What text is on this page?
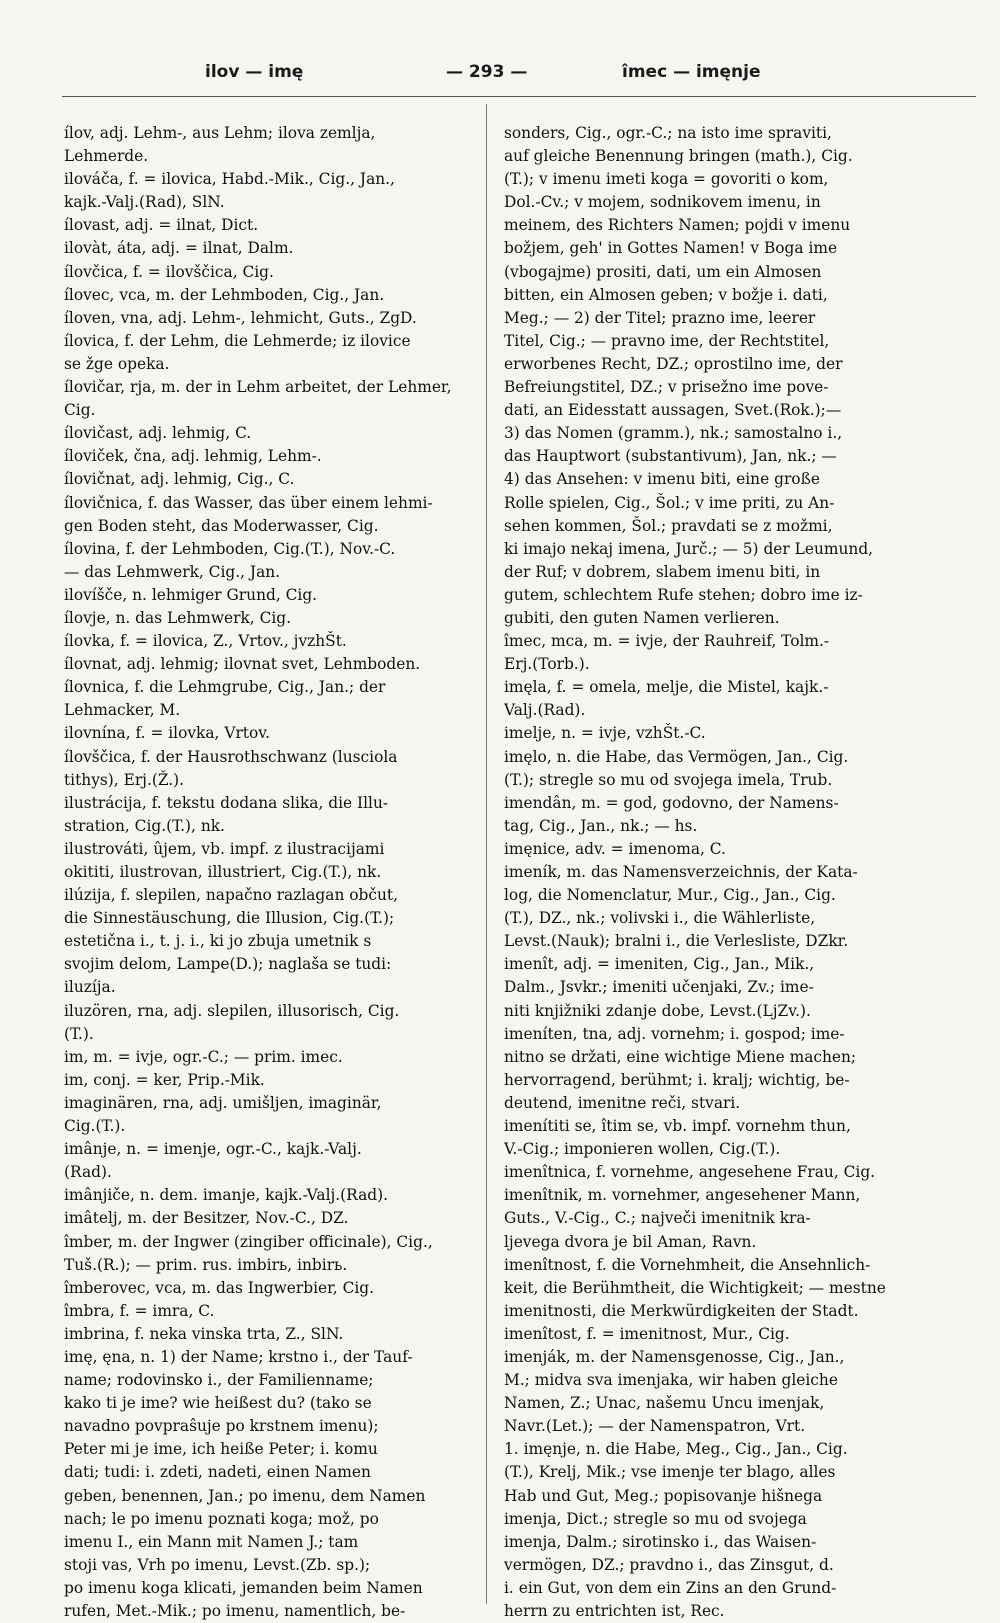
ilov — imę	— 293 —	îmec — imęnje

ílov, adj. Lehm-, aus Lehm; ilova zemlja,

Lehmerde.

ilováča, f. = ilovica, Habd.-Mik., Cig., Jan.,

kajk.-Valj.(Rad), SlN.

ílovast, adj. = ilnat, Dict.

ilovàt, áta, adj. = ilnat, Dalm.

ílovčica, f. = ilovščica, Cig.

ílovec, vca, m. der Lehmboden, Cig., Jan.

íloven, vna, adj. Lehm-, lehmicht, Guts., ZgD.

ílovica, f. der Lehm, die Lehmerde; iz ilovice

se žge opeka.

ílovičar, rja, m. der in Lehm arbeitet, der Lehmer,

Cig.

ílovičast, adj. lehmig, C.

íloviček, čna, adj. lehmig, Lehm-.

ílovičnat, adj. lehmig, Cig., C.

ílovičnica, f. das Wasser, das über einem lehmi-

gen Boden steht, das Moderwasser, Cig.

ílovina, f. der Lehmboden, Cig.(T.), Nov.-C.

— das Lehmwerk, Cig., Jan.

ilovíšče, n. lehmiger Grund, Cig.

ílovje, n. das Lehmwerk, Cig.

ílovka, f. = ilovica, Z., Vrtov., jvzhŠt.

ílovnat, adj. lehmig; ilovnat svet, Lehmboden.

ílovnica, f. die Lehmgrube, Cig., Jan.; der

Lehmacker, M.

ilovnína, f. = ilovka, Vrtov.

ílovščica, f. der Hausrothschwanz (lusciola

tithys), Erj.(Ž.).

ilustrácija, f. tekstu dodana slika, die Illu-

stration, Cig.(T.), nk.

ilustrováti, ûjem, vb. impf. z ilustracijami

okititi, ilustrovan, illustriert, Cig.(T.), nk.

ilúzija, f. slepilen, napačno razlagan občut,

die Sinnestäuschung, die Illusion, Cig.(T.);

estetična i., t. j. i., ki jo zbuja umetnik s

svojim delom, Lampe(D.); naglaša se tudi:

iluzíja.

iluzören, rna, adj. slepilen, illusorisch, Cig.

(T.).

im, m. = ivje, ogr.-C.; — prim. imec.

im, conj. = ker, Prip.-Mik.

imaginären, rna, adj. umišljen, imaginär,

Cig.(T.).

imânje, n. = imenje, ogr.-C., kajk.-Valj.

(Rad).

imânjiče, n. dem. imanje, kajk.-Valj.(Rad).

imâtelj, m. der Besitzer, Nov.-C., DZ.

îmber, m. der Ingwer (zingiber officinale), Cig.,

Tuš.(R.); — prim. rus. imbirь, inbirь.

îmberovec, vca, m. das Ingwerbier, Cig.

îmbra, f. = imra, C.

imbrina, f. neka vinska trta, Z., SlN.

imę, ęna, n. 1) der Name; krstno i., der Tauf-

name; rodovinsko i., der Familienname;

kako ti je ime? wie heißest du? (tako se

navadno povpraŝuje po krstnem imenu);

Peter mi je ime, ich heiße Peter; i. komu

dati; tudi: i. zdeti, nadeti, einen Namen

geben, benennen, Jan.; po imenu, dem Namen

nach; le po imenu poznati koga; mož, po

imenu I., ein Mann mit Namen J.; tam

stoji vas, Vrh po imenu, Levst.(Zb. sp.);

po imenu koga klicati, jemanden beim Namen

rufen, Met.-Mik.; po imenu, namentlich, be-

sonders, Cig., ogr.-C.; na isto ime spraviti,

auf gleiche Benennung bringen (math.), Cig.

(T.); v imenu imeti koga = govoriti o kom,

Dol.-Cv.; v mojem, sodnikovem imenu, in

meinem, des Richters Namen; pojdi v imenu

božjem, geh' in Gottes Namen! v Boga ime

(vbogajme) prositi, dati, um ein Almosen

bitten, ein Almosen geben; v božje i. dati,

Meg.; — 2) der Titel; prazno ime, leerer

Titel, Cig.; — pravno ime, der Rechtstitel,

erworbenes Recht, DZ.; oprostilno ime, der

Befreiungstitel, DZ.; v prisežno ime pove-

dati, an Eidesstatt aussagen, Svet.(Rok.);—

3) das Nomen (gramm.), nk.; samostalno i.,

das Hauptwort (substantivum), Jan, nk.; —

4) das Ansehen: v imenu biti, eine große

Rolle spielen, Cig., Šol.; v ime priti, zu An-

sehen kommen, Šol.; pravdati se z možmi,

ki imajo nekaj imena, Jurč.; — 5) der Leumund,

der Ruf; v dobrem, slabem imenu biti, in

gutem, schlechtem Rufe stehen; dobro ime iz-

gubiti, den guten Namen verlieren.

îmec, mca, m. = ivje, der Rauhreif, Tolm.-

Erj.(Torb.).

imęla, f. = omela, melje, die Mistel, kajk.-

Valj.(Rad).

imelje, n. = ivje, vzhŠt.-C.

imęlo, n. die Habe, das Vermögen, Jan., Cig.

(T.); stregle so mu od svojega imela, Trub.

imendân, m. = god, godovno, der Namens-

tag, Cig., Jan., nk.; — hs.

imęnice, adv. = imenoma, C.

imeník, m. das Namensverzeichnis, der Kata-

log, die Nomenclatur, Mur., Cig., Jan., Cig.

(T.), DZ., nk.; volivski i., die Wählerliste,

Levst.(Nauk); bralni i., die Verlesliste, DZkr.

imenît, adj. = imeniten, Cig., Jan., Mik.,

Dalm., Jsvkr.; imeniti učenjaki, Zv.; ime-

niti knjižniki zdanje dobe, Levst.(LjZv.).

imeníten, tna, adj. vornehm; i. gospod; ime-

nitno se držati, eine wichtige Miene machen;

hervorragend, berühmt; i. kralj; wichtig, be-

deutend, imenitne reči, stvari.

imenítiti se, îtim se, vb. impf. vornehm thun,

V.-Cig.; imponieren wollen, Cig.(T.).

imenîtnica, f. vornehme, angesehene Frau, Cig.

imenîtnik, m. vornehmer, angesehener Mann,

Guts., V.-Cig., C.; največi imenitnik kra-

ljevega dvora je bil Aman, Ravn.

imenîtnost, f. die Vornehmheit, die Ansehnlich-

keit, die Berühmtheit, die Wichtigkeit; — mestne

imenitnosti, die Merkwürdigkeiten der Stadt.

imenîtost, f. = imenitnost, Mur., Cig.

imenják, m. der Namensgenosse, Cig., Jan.,

M.; midva sva imenjaka, wir haben gleiche

Namen, Z.; Unac, našemu Uncu imenjak,

Navr.(Let.); — der Namenspatron, Vrt.

1. imęnje, n. die Habe, Meg., Cig., Jan., Cig.

(T.), Krelj, Mik.; vse imenje ter blago, alles

Hab und Gut, Meg.; popisovanje hišnega

imenja, Dict.; stregle so mu od svojega

imenja, Dalm.; sirotinsko i., das Waisen-

vermögen, DZ.; pravdno i., das Zinsgut, d.

i. ein Gut, von dem ein Zins an den Grund-

herrn zu entrichten ist, Rec.
